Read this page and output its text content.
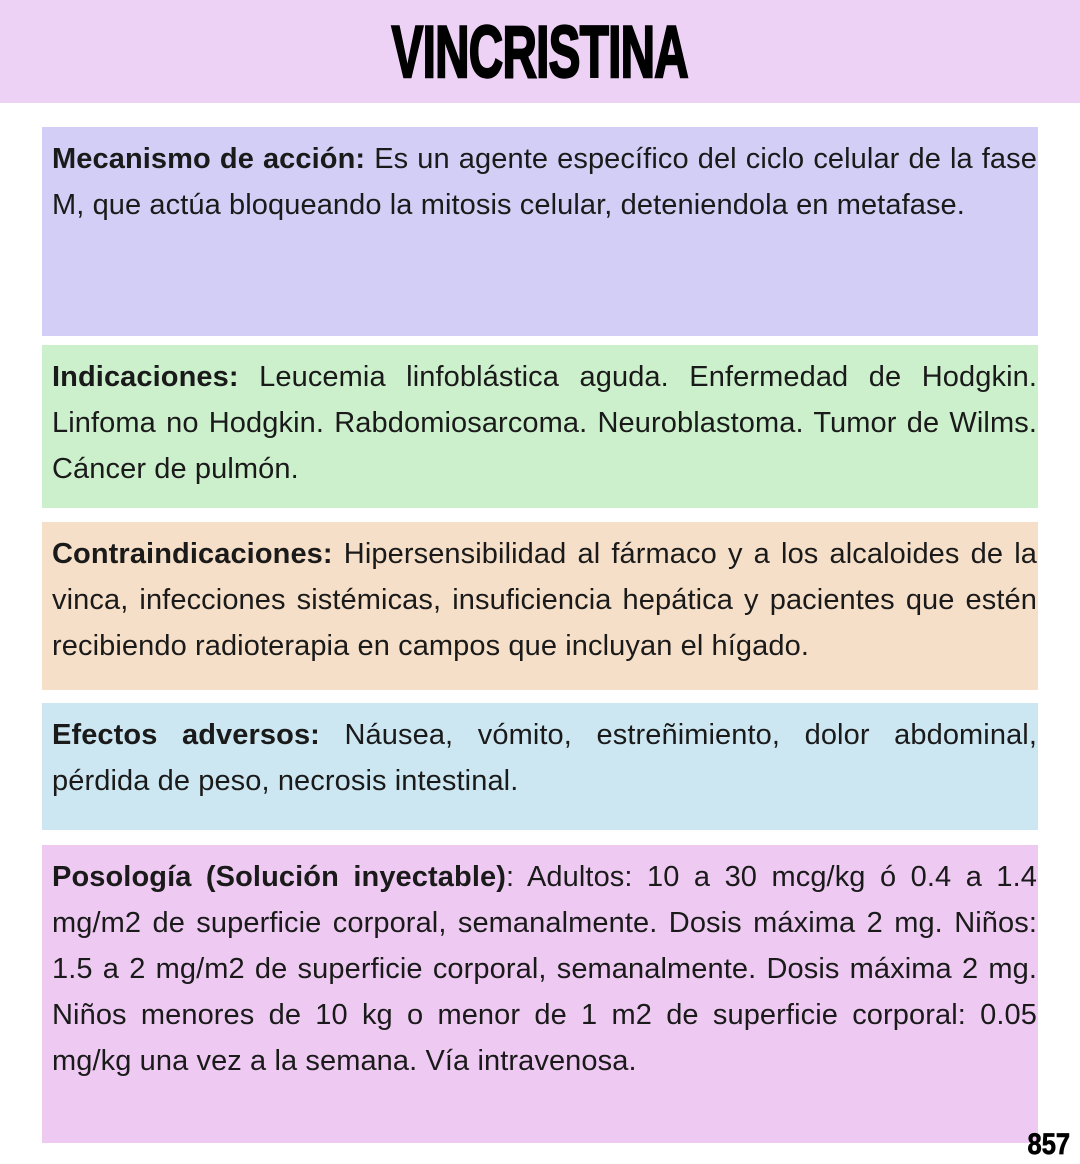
VINCRISTINA

Mecanismo de acción: Es un agente específico del ciclo celular de la fase M, que actúa bloqueando la mitosis celular, deteniendola en metafase.

Indicaciones: Leucemia linfoblástica aguda. Enfermedad de Hodgkin. Linfoma no Hodgkin. Rabdomiosarcoma. Neuroblastoma. Tumor de Wilms. Cáncer de pulmón.

Contraindicaciones: Hipersensibilidad al fármaco y a los alcaloides de la vinca, infecciones sistémicas, insuficiencia hepática y pacientes que estén recibiendo radioterapia en campos que incluyan el hígado.

Efectos adversos: Náusea, vómito, estreñimiento, dolor abdominal, pérdida de peso, necrosis intestinal.

Posología (Solución inyectable): Adultos: 10 a 30 mcg/kg ó 0.4 a 1.4 mg/m2 de superficie corporal, semanalmente. Dosis máxima 2 mg. Niños: 1.5 a 2 mg/m2 de superficie corporal, semanalmente. Dosis máxima 2 mg. Niños menores de 10 kg o menor de 1 m2 de superficie corporal: 0.05 mg/kg una vez a la semana. Vía intravenosa.

857
